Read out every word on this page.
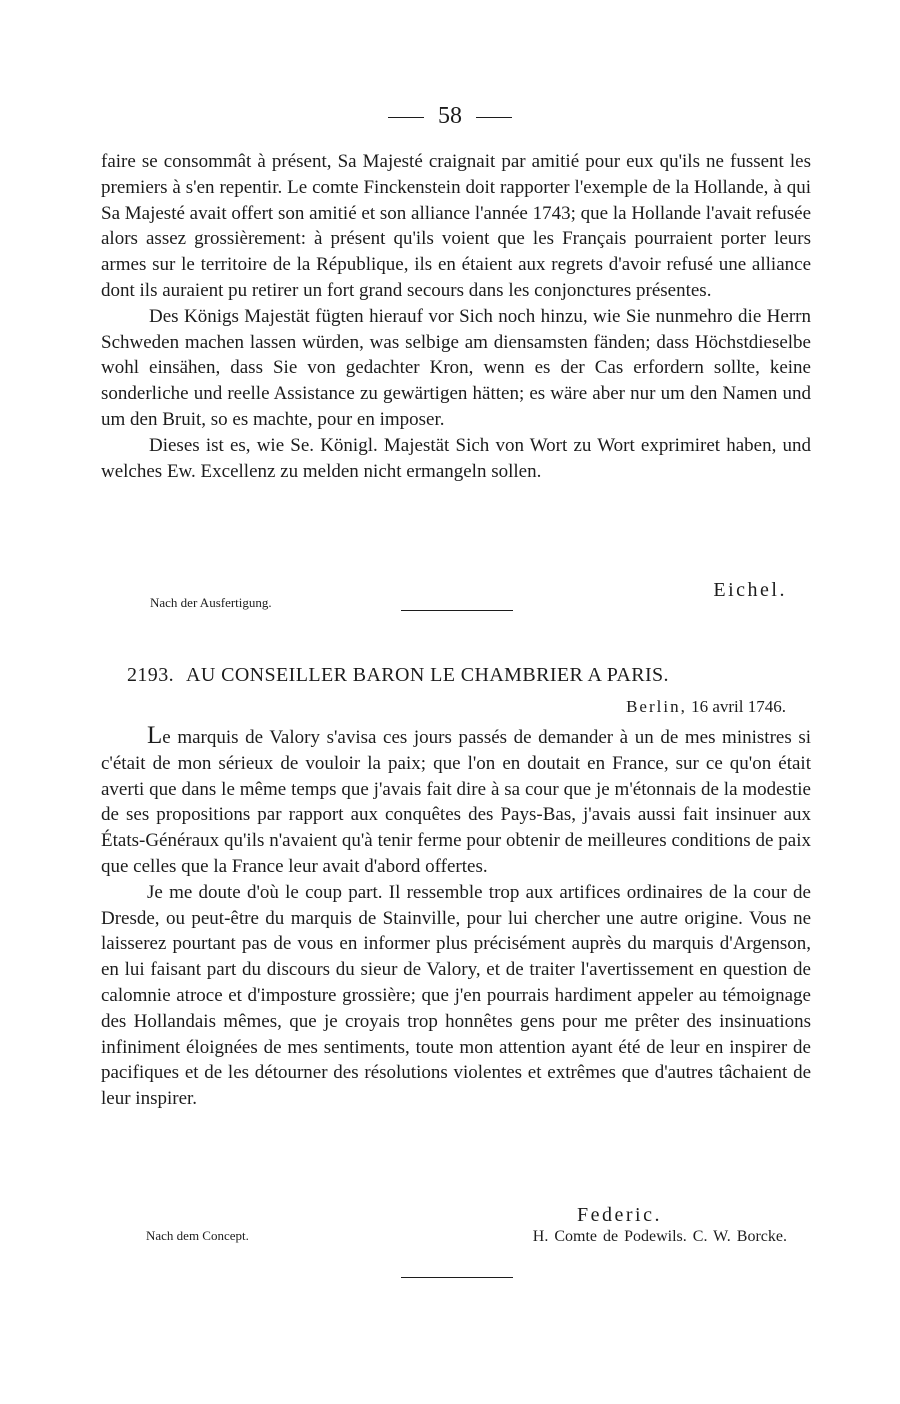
58

faire se consommât à présent, Sa Majesté craignait par amitié pour eux qu'ils ne fussent les premiers à s'en repentir. Le comte Finckenstein doit rapporter l'exemple de la Hollande, à qui Sa Majesté avait offert son amitié et son alliance l'année 1743; que la Hollande l'avait refusée alors assez grossièrement: à présent qu'ils voient que les Français pourraient porter leurs armes sur le territoire de la République, ils en étaient aux regrets d'avoir refusé une alliance dont ils auraient pu retirer un fort grand secours dans les conjonctures présentes.

Des Königs Majestät fügten hierauf vor Sich noch hinzu, wie Sie nunmehro die Herrn Schweden machen lassen würden, was selbige am diensamsten fänden; dass Höchstdieselbe wohl einsähen, dass Sie von gedachter Kron, wenn es der Cas erfordern sollte, keine sonderliche und reelle Assistance zu gewärtigen hätten; es wäre aber nur um den Namen und um den Bruit, so es machte, pour en imposer.

Dieses ist es, wie Se. Königl. Majestät Sich von Wort zu Wort exprimiret haben, und welches Ew. Excellenz zu melden nicht ermangeln sollen.

Eichel.
Nach der Ausfertigung.
2193. AU CONSEILLER BARON LE CHAMBRIER A PARIS.
Berlin, 16 avril 1746.

Le marquis de Valory s'avisa ces jours passés de demander à un de mes ministres si c'était de mon sérieux de vouloir la paix; que l'on en doutait en France, sur ce qu'on était averti que dans le même temps que j'avais fait dire à sa cour que je m'étonnais de la modestie de ses propositions par rapport aux conquêtes des Pays-Bas, j'avais aussi fait insinuer aux États-Généraux qu'ils n'avaient qu'à tenir ferme pour obtenir de meilleures conditions de paix que celles que la France leur avait d'abord offertes.

Je me doute d'où le coup part. Il ressemble trop aux artifices ordinaires de la cour de Dresde, ou peut-être du marquis de Stainville, pour lui chercher une autre origine. Vous ne laisserez pourtant pas de vous en informer plus précisément auprès du marquis d'Argenson, en lui faisant part du discours du sieur de Valory, et de traiter l'avertissement en question de calomnie atroce et d'imposture grossière; que j'en pourrais hardiment appeler au témoignage des Hollandais mêmes, que je croyais trop honnêtes gens pour me prêter des insinuations infiniment éloignées de mes sentiments, toute mon attention ayant été de leur en inspirer de pacifiques et de les détourner des résolutions violentes et extrêmes que d'autres tâchaient de leur inspirer.

Federic.
Nach dem Concept.	H. Comte de Podewils. C. W. Borcke.
